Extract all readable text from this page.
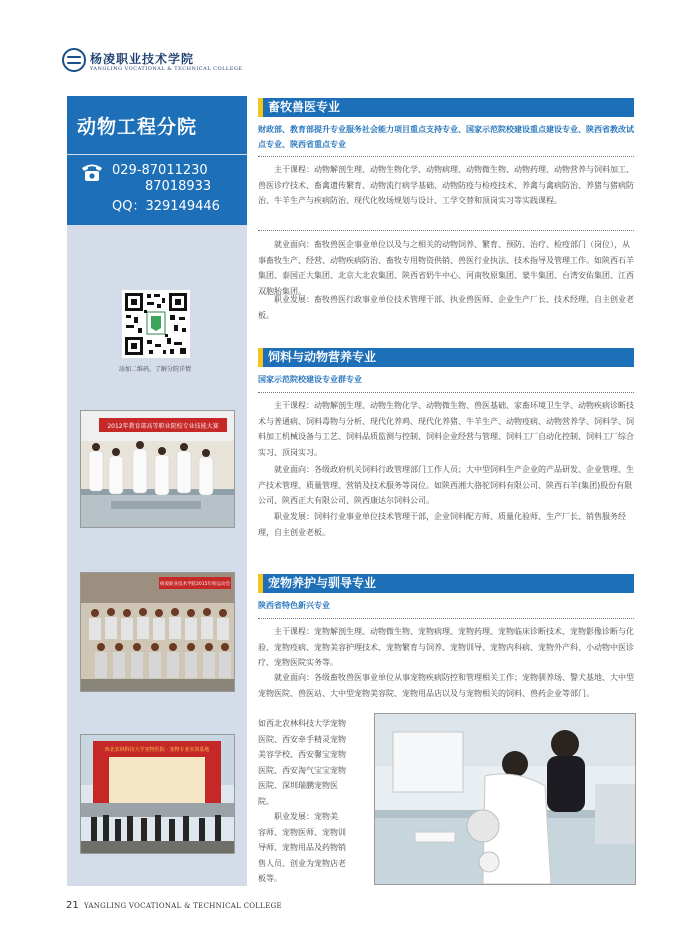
杨凌职业技术学院
YANGLING VOCATIONAL & TECHNICAL COLLEGE
动物工程分院
029-87011230
87018933
QQ：329149446
添加二维码，了解分院详情
2012年教育部高等职业院校专业技能大赛
杨凌职业技术学院2015年校运动会
西北农林科技大学宠物医院 · 宠物专业实训基地
畜牧兽医专业
财政部、教育部提升专业服务社会能力项目重点支持专业、国家示范院校建设重点建设专业、陕西省教改试点专业、陕西省重点专业
主干课程：动物解剖生理、动物生物化学、动物病理、动物微生物、动物药理、动物营养与饲料加工、兽医诊疗技术、畜禽遗传繁育、动物流行病学基础、动物防疫与检疫技术、养禽与禽病防治、养猪与猪病防治、牛羊生产与疾病防治、现代化牧场规划与设计、工学交替和顶岗实习等实践课程。
就业面向：畜牧兽医企事业单位以及与之相关的动物饲养、繁育、预防、治疗、检疫部门（岗位），从事畜牧生产、经营、动物疾病防治、畜牧专用物资供销、兽医行业执法、技术指导及管理工作。如陕西石羊集团、泰国正大集团、北京大北农集团、陕西省奶牛中心、河南牧原集团、蒙牛集团、台湾安佑集团、江西双胞胎集团。
职业发展：畜牧兽医行政事业单位技术管理干部、执业兽医师、企业生产厂长、技术经理、自主创业老板。
饲料与动物营养专业
国家示范院校建设专业群专业
主干课程：动物解剖生理、动物生物化学、动物微生物、兽医基础、家畜环境卫生学、动物疾病诊断技术与普通病、饲料毒物与分析、现代化养鸡、现代化养猪、牛羊生产、动物疫病、动物营养学、饲料学、饲料加工机械设备与工艺、饲料品质监测与控制、饲料企业经营与管理、饲料工厂自动化控制、饲料工厂综合实习、顶岗实习。
就业面向：各级政府机关饲料行政管理部门工作人员；大中型饲料生产企业的产品研发、企业管理、生产技术管理、质量管理、营销及技术服务等岗位。如陕西湘大骆驼饲料有限公司、陕西石羊(集团)股份有限公司、陕西正大有限公司、陕西康达尔饲料公司。
职业发展：饲料行业事业单位技术管理干部，企业饲料配方师、质量化验师、生产厂长、销售服务经理，自主创业老板。
宠物养护与驯导专业
陕西省特色新兴专业
主干课程：宠物解剖生理、动物微生物、宠物病理、宠物药理、宠物临床诊断技术、宠物影像诊断与化验、宠物疫病、宠物美容护理技术、宠物繁育与饲养、宠物训导、宠物内科病、宠物外产科、小动物中医诊疗、宠物医院实务等。
就业面向：各级畜牧兽医事业单位从事宠物疾病防控和管理相关工作；宠物驯养场、警犬基地、大中型宠物医院、兽医站、大中型宠物美容院、宠物用品店以及与宠物相关的饲料、兽药企业等部门。
如西北农林科技大学宠物
医院、西安牵手精灵宠物
美容学校、西安馨宝宠物
医院、西安淘气宝宝宠物
医院、深圳瑞鹏宠物医
院。
职业发展：宠物美
容师、宠物医师、宠物训
导师、宠物用品及药物销
售人员、创业为宠物店老
板等。
21 YANGLING VOCATIONAL & TECHNICAL COLLEGE
